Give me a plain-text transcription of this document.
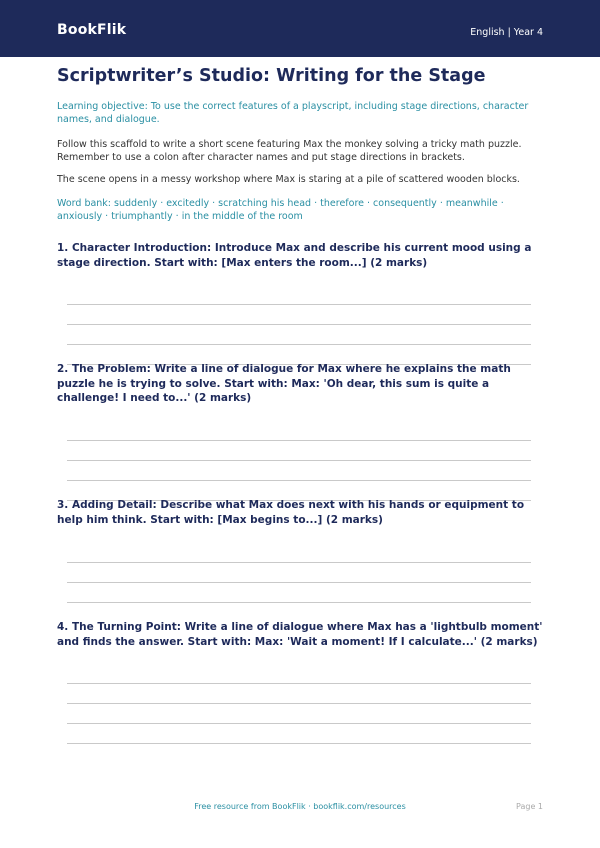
BookFlik	English | Year 4
Scriptwriter’s Studio: Writing for the Stage
Learning objective: To use the correct features of a playscript, including stage directions, character names, and dialogue.
Follow this scaffold to write a short scene featuring Max the monkey solving a tricky math puzzle. Remember to use a colon after character names and put stage directions in brackets.
The scene opens in a messy workshop where Max is staring at a pile of scattered wooden blocks.
Word bank: suddenly · excitedly · scratching his head · therefore · consequently · meanwhile · anxiously · triumphantly · in the middle of the room
1. Character Introduction: Introduce Max and describe his current mood using a stage direction. Start with: [Max enters the room...] (2 marks)
2. The Problem: Write a line of dialogue for Max where he explains the math puzzle he is trying to solve. Start with: Max: 'Oh dear, this sum is quite a challenge! I need to...' (2 marks)
3. Adding Detail: Describe what Max does next with his hands or equipment to help him think. Start with: [Max begins to...] (2 marks)
4. The Turning Point: Write a line of dialogue where Max has a 'lightbulb moment' and finds the answer. Start with: Max: 'Wait a moment! If I calculate...' (2 marks)
Free resource from BookFlik · bookflik.com/resources	Page 1
